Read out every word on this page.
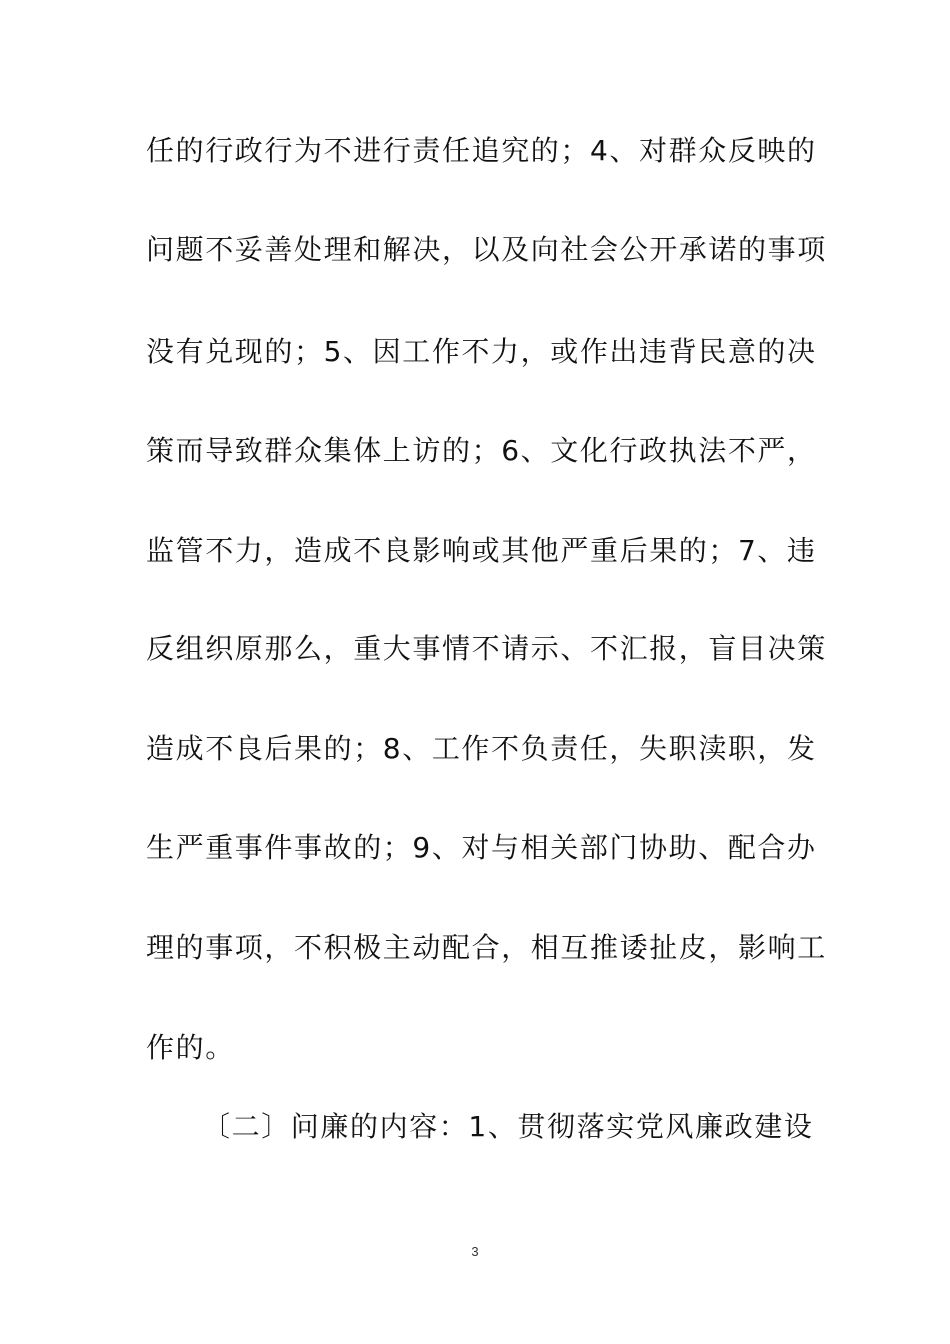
任的行政行为不进行责任追究的；4、对群众反映的
问题不妥善处理和解决，以及向社会公开承诺的事项
没有兑现的；5、因工作不力，或作出违背民意的决
策而导致群众集体上访的；6、文化行政执法不严，
监管不力，造成不良影响或其他严重后果的；7、违
反组织原那么，重大事情不请示、不汇报，盲目决策
造成不良后果的；8、工作不负责任，失职渎职，发
生严重事件事故的；9、对与相关部门协助、配合办
理的事项，不积极主动配合，相互推诿扯皮，影响工
作的。
〔二〕问廉的内容：1、贯彻落实党风廉政建设
3
